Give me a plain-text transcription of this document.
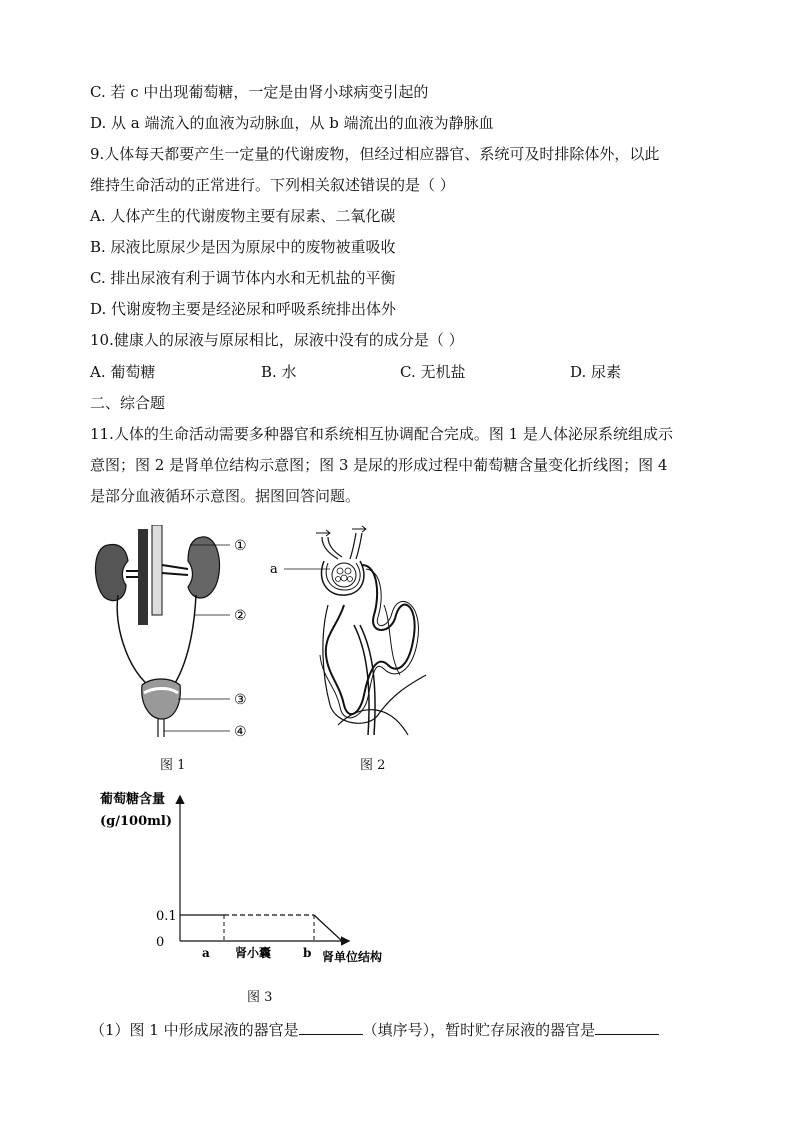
C. 若 c 中出现葡萄糖，一定是由肾小球病变引起的
D. 从 a 端流入的血液为动脉血，从 b 端流出的血液为静脉血
9.人体每天都要产生一定量的代谢废物，但经过相应器官、系统可及时排除体外，以此
维持生命活动的正常进行。下列相关叙述错误的是（ ）
A. 人体产生的代谢废物主要有尿素、二氧化碳
B. 尿液比原尿少是因为原尿中的废物被重吸收
C. 排出尿液有利于调节体内水和无机盐的平衡
D. 代谢废物主要是经泌尿和呼吸系统排出体外
10.健康人的尿液与原尿相比，尿液中没有的成分是（ ）
A. 葡萄糖	B. 水	C. 无机盐	D. 尿素
二、综合题
11.人体的生命活动需要多种器官和系统相互协调配合完成。图 1 是人体泌尿系统组成示
意图；图 2 是肾单位结构示意图；图 3 是尿的形成过程中葡萄糖含量变化折线图；图 4
是部分血液循环示意图。据图回答问题。
①
②
③
④
图 1
a
图 2
葡萄糖含量
(g/100ml)
0
0.1
a 肾小囊	b 肾单位结构
图 3
（1）图 1 中形成尿液的器官是	（填序号），暂时贮存尿液的器官是
